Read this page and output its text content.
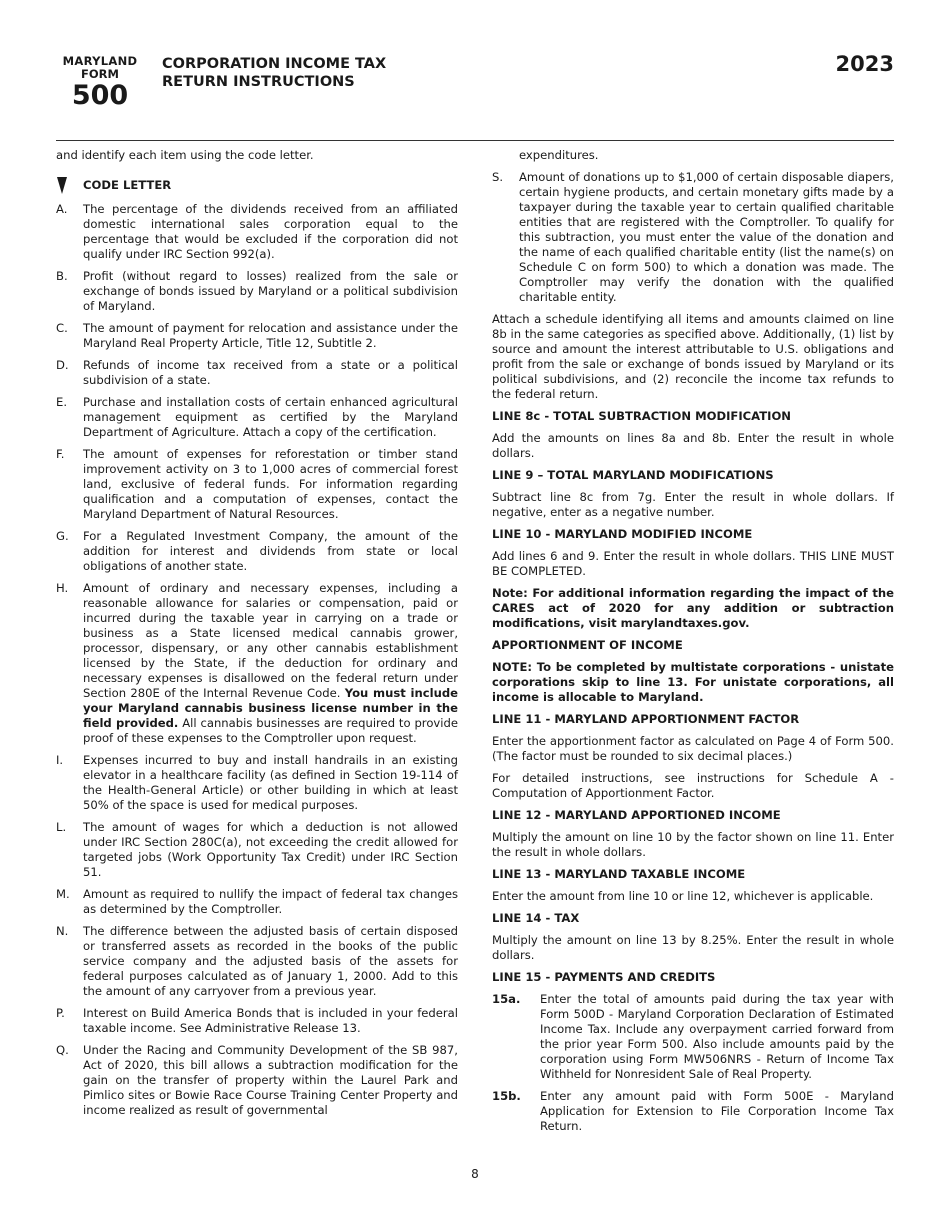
MARYLAND
FORM
500
CORPORATION INCOME TAX
RETURN INSTRUCTIONS
2023

and identify each item using the code letter.

CODE LETTER
A.	The percentage of the dividends received from an affiliated domestic international sales corporation equal to the percentage that would be excluded if the corporation did not qualify under IRC Section 992(a).
B.	Profit (without regard to losses) realized from the sale or exchange of bonds issued by Maryland or a political subdivision of Maryland.
C.	The amount of payment for relocation and assistance under the Maryland Real Property Article, Title 12, Subtitle 2.
D.	Refunds of income tax received from a state or a political subdivision of a state.
E.	Purchase and installation costs of certain enhanced agricultural management equipment as certified by the Maryland Department of Agriculture. Attach a copy of the certification.
F.	The amount of expenses for reforestation or timber stand improvement activity on 3 to 1,000 acres of commercial forest land, exclusive of federal funds. For information regarding qualification and a computation of expenses, contact the Maryland Department of Natural Resources.
G.	For a Regulated Investment Company, the amount of the addition for interest and dividends from state or local obligations of another state.
H.	Amount of ordinary and necessary expenses, including a reasonable allowance for salaries or compensation, paid or incurred during the taxable year in carrying on a trade or business as a State licensed medical cannabis grower, processor, dispensary, or any other cannabis establishment licensed by the State, if the deduction for ordinary and necessary expenses is disallowed on the federal return under Section 280E of the Internal Revenue Code. You must include your Maryland cannabis business license number in the field provided. All cannabis businesses are required to provide proof of these expenses to the Comptroller upon request.
I.	Expenses incurred to buy and install handrails in an existing elevator in a healthcare facility (as defined in Section 19-114 of the Health-General Article) or other building in which at least 50% of the space is used for medical purposes.
L.	The amount of wages for which a deduction is not allowed under IRC Section 280C(a), not exceeding the credit allowed for targeted jobs (Work Opportunity Tax Credit) under IRC Section 51.
M.	Amount as required to nullify the impact of federal tax changes as determined by the Comptroller.
N.	The difference between the adjusted basis of certain disposed or transferred assets as recorded in the books of the public service company and the adjusted basis of the assets for federal purposes calculated as of January 1, 2000. Add to this the amount of any carryover from a previous year.
P.	Interest on Build America Bonds that is included in your federal taxable income. See Administrative Release 13.
Q.	Under the Racing and Community Development of the SB 987, Act of 2020, this bill allows a subtraction modification for the gain on the transfer of property within the Laurel Park and Pimlico sites or Bowie Race Course Training Center Property and income realized as result of governmental
expenditures.
S.	Amount of donations up to $1,000 of certain disposable diapers, certain hygiene products, and certain monetary gifts made by a taxpayer during the taxable year to certain qualified charitable entities that are registered with the Comptroller. To qualify for this subtraction, you must enter the value of the donation and the name of each qualified charitable entity (list the name(s) on Schedule C on form 500) to which a donation was made. The Comptroller may verify the donation with the qualified charitable entity.

Attach a schedule identifying all items and amounts claimed on line 8b in the same categories as specified above. Additionally, (1) list by source and amount the interest attributable to U.S. obligations and profit from the sale or exchange of bonds issued by Maryland or its political subdivisions, and (2) reconcile the income tax refunds to the federal return.

LINE 8c - TOTAL SUBTRACTION MODIFICATION

Add the amounts on lines 8a and 8b. Enter the result in whole dollars.

LINE 9 – TOTAL MARYLAND MODIFICATIONS

Subtract line 8c from 7g. Enter the result in whole dollars. If negative, enter as a negative number.

LINE 10 - MARYLAND MODIFIED INCOME

Add lines 6 and 9. Enter the result in whole dollars. THIS LINE MUST BE COMPLETED.

Note: For additional information regarding the impact of the CARES act of 2020 for any addition or subtraction modifications, visit marylandtaxes.gov.

APPORTIONMENT OF INCOME

NOTE: To be completed by multistate corporations - unistate corporations skip to line 13. For unistate corporations, all income is allocable to Maryland.

LINE 11 - MARYLAND APPORTIONMENT FACTOR

Enter the apportionment factor as calculated on Page 4 of Form 500. (The factor must be rounded to six decimal places.)

For detailed instructions, see instructions for Schedule A - Computation of Apportionment Factor.

LINE 12 - MARYLAND APPORTIONED INCOME

Multiply the amount on line 10 by the factor shown on line 11. Enter the result in whole dollars.

LINE 13 - MARYLAND TAXABLE INCOME

Enter the amount from line 10 or line 12, whichever is applicable.

LINE 14 - TAX

Multiply the amount on line 13 by 8.25%. Enter the result in whole dollars.

LINE 15 - PAYMENTS AND CREDITS
15a.	Enter the total of amounts paid during the tax year with Form 500D - Maryland Corporation Declaration of Estimated Income Tax. Include any overpayment carried forward from the prior year Form 500. Also include amounts paid by the corporation using Form MW506NRS - Return of Income Tax Withheld for Nonresident Sale of Real Property.
15b.	Enter any amount paid with Form 500E - Maryland Application for Extension to File Corporation Income Tax Return.
8
